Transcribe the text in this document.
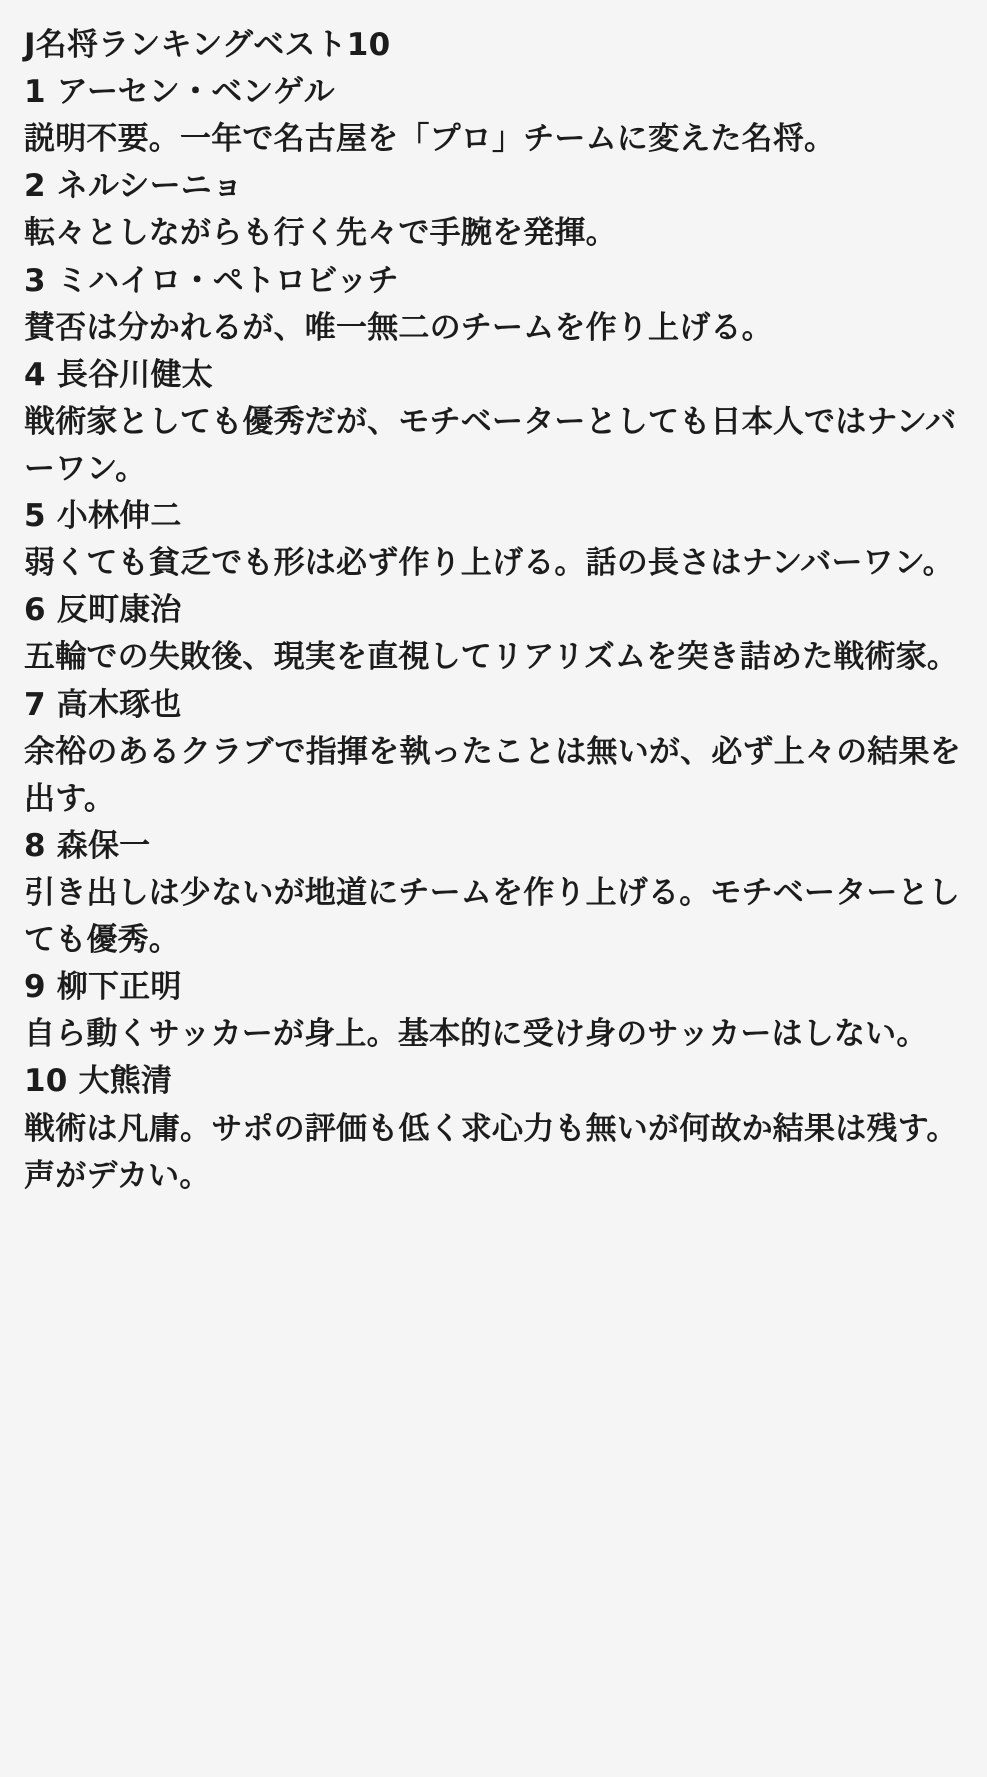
J名将ランキングベスト10
1 アーセン・ベンゲル
説明不要。一年で名古屋を「プロ」チームに変えた名将。
2 ネルシーニョ
転々としながらも行く先々で手腕を発揮。
3 ミハイロ・ペトロビッチ
賛否は分かれるが、唯一無二のチームを作り上げる。
4 長谷川健太
戦術家としても優秀だが、モチベーターとしても日本人ではナンバーワン。
5 小林伸二
弱くても貧乏でも形は必ず作り上げる。話の長さはナンバーワン。
6 反町康治
五輪での失敗後、現実を直視してリアリズムを突き詰めた戦術家。
7 高木琢也
余裕のあるクラブで指揮を執ったことは無いが、必ず上々の結果を出す。
8 森保一
引き出しは少ないが地道にチームを作り上げる。モチベーターとしても優秀。
9 柳下正明
自ら動くサッカーが身上。基本的に受け身のサッカーはしない。
10 大熊清
戦術は凡庸。サポの評価も低く求心力も無いが何故か結果は残す。声がデカい。
